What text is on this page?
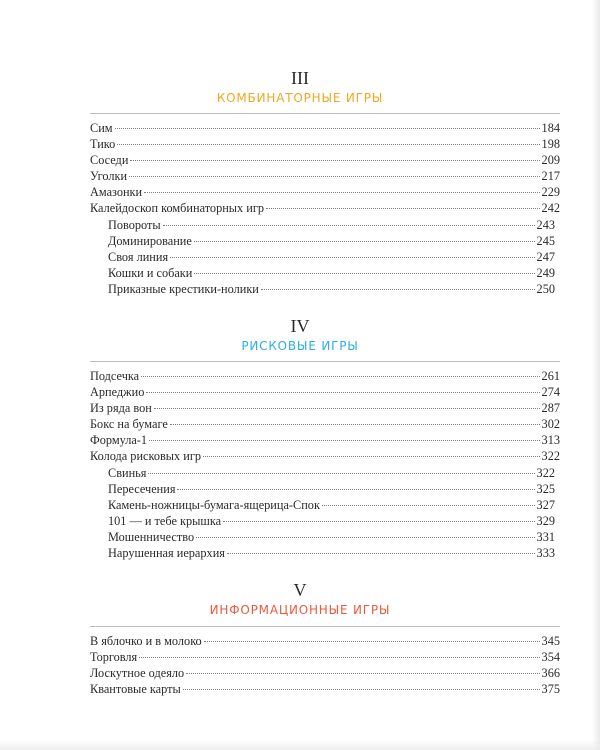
III
КОМБИНАТОРНЫЕ ИГРЫ
Сим	184
Тико	198
Соседи	209
Уголки	217
Амазонки	229
Калейдоскоп комбинаторных игр	242
Повороты	243
Доминирование	245
Своя линия	247
Кошки и собаки	249
Приказные крестики-нолики	250
IV
РИСКОВЫЕ ИГРЫ
Подсечка	261
Арпеджио	274
Из ряда вон	287
Бокс на бумаге	302
Формула-1	313
Колода рисковых игр	322
Свинья	322
Пересечения	325
Камень-ножницы-бумага-ящерица-Спок	327
101 — и тебе крышка	329
Мошенничество	331
Нарушенная иерархия	333
V
ИНФОРМАЦИОННЫЕ ИГРЫ
В яблочко и в молоко	345
Торговля	354
Лоскутное одеяло	366
Квантовые карты	375
